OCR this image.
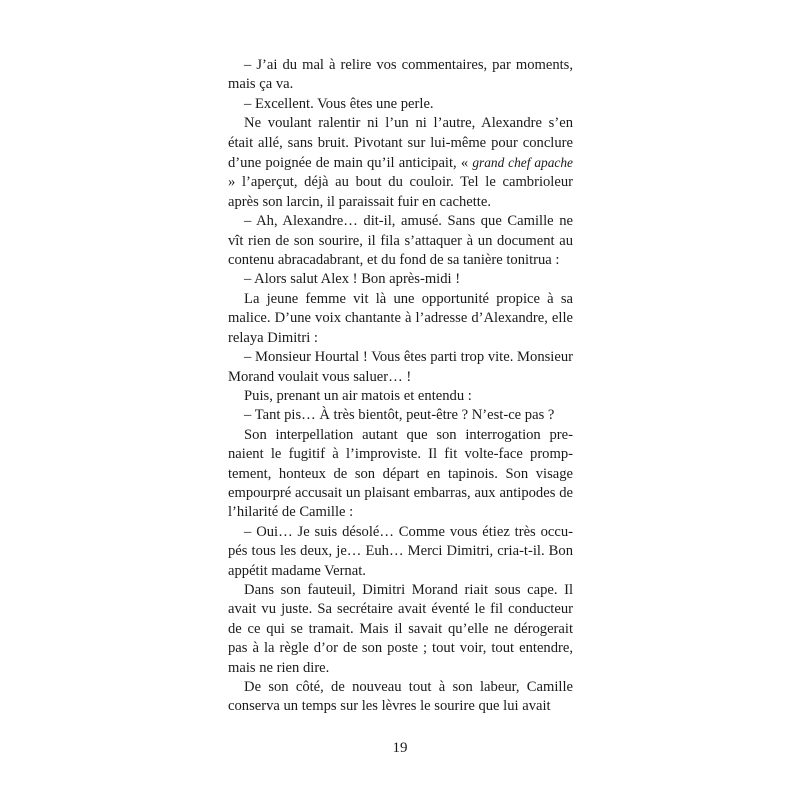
– J’ai du mal à relire vos commentaires, par moments, mais ça va.

– Excellent. Vous êtes une perle.

Ne voulant ralentir ni l’un ni l’autre, Alexandre s’en était allé, sans bruit. Pivotant sur lui-même pour conclure d’une poignée de main qu’il anticipait, « grand chef apache » l’aperçut, déjà au bout du couloir. Tel le cambrioleur après son larcin, il paraissait fuir en cachette.

– Ah, Alexandre… dit-il, amusé. Sans que Camille ne vît rien de son sourire, il fila s’attaquer à un document au contenu abracadabrant, et du fond de sa tanière tonitrua :

– Alors salut Alex ! Bon après-midi !

La jeune femme vit là une opportunité propice à sa malice. D’une voix chantante à l’adresse d’Alexandre, elle relaya Dimitri :

– Monsieur Hourtal ! Vous êtes parti trop vite. Monsieur Morand voulait vous saluer… !

Puis, prenant un air matois et entendu :

– Tant pis… À très bientôt, peut-être ? N’est-ce pas ?

Son interpellation autant que son interrogation prenaient le fugitif à l’improviste. Il fit volte-face promptement, honteux de son départ en tapinois. Son visage empourpré accusait un plaisant embarras, aux antipodes de l’hilarité de Camille :

– Oui… Je suis désolé… Comme vous étiez très occupés tous les deux, je… Euh… Merci Dimitri, cria-t-il. Bon appétit madame Vernat.

Dans son fauteuil, Dimitri Morand riait sous cape. Il avait vu juste. Sa secrétaire avait éventé le fil conducteur de ce qui se tramait. Mais il savait qu’elle ne dérogerait pas à la règle d’or de son poste ; tout voir, tout entendre, mais ne rien dire.

De son côté, de nouveau tout à son labeur, Camille conserva un temps sur les lèvres le sourire que lui avait

19
